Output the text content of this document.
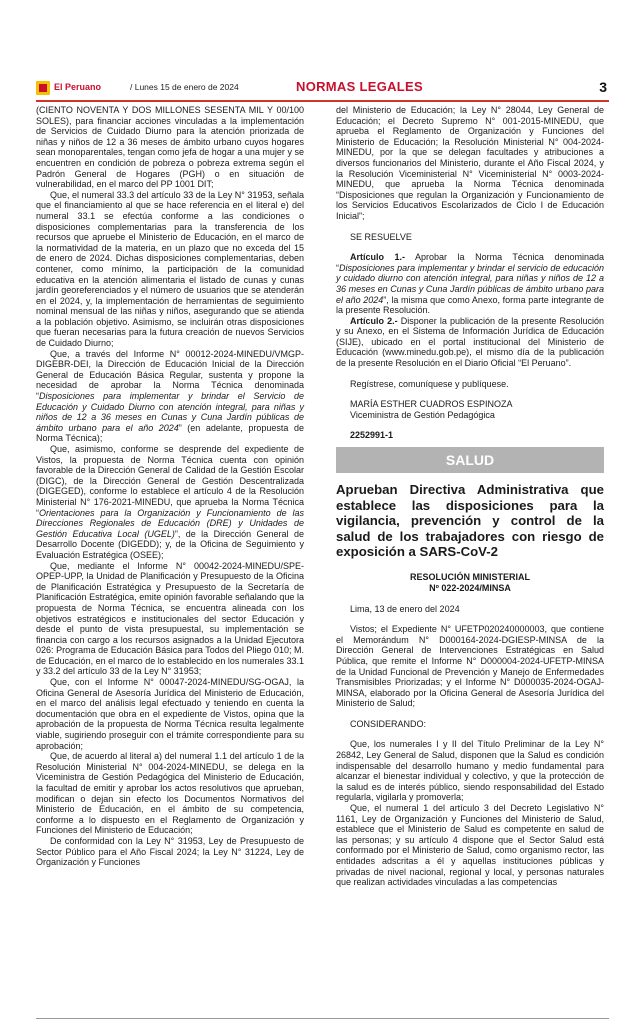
El Peruano	/ Lunes 15 de enero de 2024	NORMAS LEGALES	3

(CIENTO NOVENTA Y DOS MILLONES SESENTA MIL Y 00/100 SOLES), para financiar acciones vinculadas a la implementación de Servicios de Cuidado Diurno para la atención priorizada de niñas y niños de 12 a 36 meses de ámbito urbano cuyos hogares sean monoparentales, tengan como jefa de hogar a una mujer y se encuentren en condición de pobreza o pobreza extrema según el Padrón General de Hogares (PGH) o en situación de vulnerabilidad, en el marco del PP 1001 DIT;

Que, el numeral 33.3 del artículo 33 de la Ley N° 31953, señala que el financiamiento al que se hace referencia en el literal e) del numeral 33.1 se efectúa conforme a las condiciones o disposiciones complementarias para la transferencia de los recursos que apruebe el Ministerio de Educación, en el marco de la normatividad de la materia, en un plazo que no exceda del 15 de enero de 2024. Dichas disposiciones complementarias, deben contener, como mínimo, la participación de la comunidad educativa en la atención alimentaria el listado de cunas y cunas jardín georeferenciados y el número de usuarios que se atenderán en el 2024, y, la implementación de herramientas de seguimiento nominal mensual de las niñas y niños, asegurando que se atienda a la población objetivo. Asimismo, se incluirán otras disposiciones que fueran necesarias para la futura creación de nuevos Servicios de Cuidado Diurno;

Que, a través del Informe N° 00012-2024-MINEDU/VMGP-DIGEBR-DEI, la Dirección de Educación Inicial de la Dirección General de Educación Básica Regular, sustenta y propone la necesidad de aprobar la Norma Técnica denominada “Disposiciones para implementar y brindar el Servicio de Educación y Cuidado Diurno con atención integral, para niñas y niños de 12 a 36 meses en Cunas y Cuna Jardín públicas de ámbito urbano para el año 2024” (en adelante, propuesta de Norma Técnica);

Que, asimismo, conforme se desprende del expediente de Vistos, la propuesta de Norma Técnica cuenta con opinión favorable de la Dirección General de Calidad de la Gestión Escolar (DIGC), de la Dirección General de Gestión Descentralizada (DIGEGED), conforme lo establece el artículo 4 de la Resolución Ministerial N° 176-2021-MINEDU, que aprueba la Norma Técnica “Orientaciones para la Organización y Funcionamiento de las Direcciones Regionales de Educación (DRE) y Unidades de Gestión Educativa Local (UGEL)”, de la Dirección General de Desarrollo Docente (DIGEDD); y, de la Oficina de Seguimiento y Evaluación Estratégica (OSEE);

Que, mediante el Informe N° 00042-2024-MINEDU/SPE-OPEP-UPP, la Unidad de Planificación y Presupuesto de la Oficina de Planificación Estratégica y Presupuesto de la Secretaría de Planificación Estratégica, emite opinión favorable señalando que la propuesta de Norma Técnica, se encuentra alineada con los objetivos estratégicos e institucionales del sector Educación y desde el punto de vista presupuestal, su implementación se financia con cargo a los recursos asignados a la Unidad Ejecutora 026: Programa de Educación Básica para Todos del Pliego 010; M. de Educación, en el marco de lo establecido en los numerales 33.1 y 33.2 del artículo 33 de la Ley N° 31953;

Que, con el Informe N° 00047-2024-MINEDU/SG-OGAJ, la Oficina General de Asesoría Jurídica del Ministerio de Educación, en el marco del análisis legal efectuado y teniendo en cuenta la documentación que obra en el expediente de Vistos, opina que la aprobación de la propuesta de Norma Técnica resulta legalmente viable, sugiriendo proseguir con el trámite correspondiente para su aprobación;

Que, de acuerdo al literal a) del numeral 1.1 del artículo 1 de la Resolución Ministerial N° 004-2024-MINEDU, se delega en la Viceministra de Gestión Pedagógica del Ministerio de Educación, la facultad de emitir y aprobar los actos resolutivos que aprueban, modifican o dejan sin efecto los Documentos Normativos del Ministerio de Educación, en el ámbito de su competencia, conforme a lo dispuesto en el Reglamento de Organización y Funciones del Ministerio de Educación;

De conformidad con la Ley N° 31953, Ley de Presupuesto de Sector Público para el Año Fiscal 2024; la Ley N° 31224, Ley de Organización y Funciones

del Ministerio de Educación; la Ley N° 28044, Ley General de Educación; el Decreto Supremo N° 001-2015-MINEDU, que aprueba el Reglamento de Organización y Funciones del Ministerio de Educación; la Resolución Ministerial N° 004-2024-MINEDU, por la que se delegan facultades y atribuciones a diversos funcionarios del Ministerio, durante el Año Fiscal 2024, y la Resolución Viceministerial N° Viceministerial N° 0003-2024-MINEDU, que aprueba la Norma Técnica denominada “Disposiciones que regulan la Organización y Funcionamiento de los Servicios Educativos Escolarizados de Ciclo I de Educación Inicial”;

SE RESUELVE

Artículo 1.- Aprobar la Norma Técnica denominada “Disposiciones para implementar y brindar el servicio de educación y cuidado diurno con atención integral, para niñas y niños de 12 a 36 meses en Cunas y Cuna Jardín públicas de ámbito urbano para el año 2024”, la misma que como Anexo, forma parte integrante de la presente Resolución.

Artículo 2.- Disponer la publicación de la presente Resolución y su Anexo, en el Sistema de Información Jurídica de Educación (SIJE), ubicado en el portal institucional del Ministerio de Educación (www.minedu.gob.pe), el mismo día de la publicación de la presente Resolución en el Diario Oficial “El Peruano”.

Regístrese, comuníquese y publíquese.

MARÍA ESTHER CUADROS ESPINOZA

Viceministra de Gestión Pedagógica

2252991-1

SALUD
Aprueban Directiva Administrativa que establece las disposiciones para la vigilancia, prevención y control de la salud de los trabajadores con riesgo de exposición a SARS-CoV-2
RESOLUCIÓN MINISTERIAL
Nº 022-2024/MINSA

Lima, 13 de enero del 2024

Vistos; el Expediente N° UFETP020240000003, que contiene el Memorándum N° D000164-2024-DGIESP-MINSA de la Dirección General de Intervenciones Estratégicas en Salud Pública, que remite el Informe N° D000004-2024-UFETP-MINSA de la Unidad Funcional de Prevención y Manejo de Enfermedades Transmisibles Priorizadas; y el Informe N° D000035-2024-OGAJ-MINSA, elaborado por la Oficina General de Asesoría Jurídica del Ministerio de Salud;

CONSIDERANDO:

Que, los numerales I y II del Título Preliminar de la Ley N° 26842, Ley General de Salud, disponen que la Salud es condición indispensable del desarrollo humano y medio fundamental para alcanzar el bienestar individual y colectivo, y que la protección de la salud es de interés público, siendo responsabilidad del Estado regularla, vigilarla y promoverla;

Que, el numeral 1 del artículo 3 del Decreto Legislativo N° 1161, Ley de Organización y Funciones del Ministerio de Salud, establece que el Ministerio de Salud es competente en salud de las personas; y su artículo 4 dispone que el Sector Salud está conformado por el Ministerio de Salud, como organismo rector, las entidades adscritas a él y aquellas instituciones públicas y privadas de nivel nacional, regional y local, y personas naturales que realizan actividades vinculadas a las competencias
